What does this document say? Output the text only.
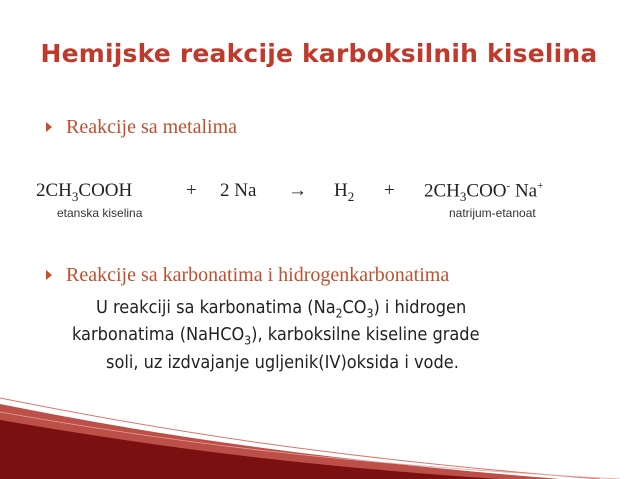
Hemijske reakcije karboksilnih kiselina
Reakcije sa metalima
$2CH_3COOH$	+ 2 $Na \to H_2 + 2CH_3COO^-$ Na+
etanska kiselina	natrijum-etanoat
Reakcije sa karbonatima i hidrogenkarbonatima
U reakciji sa karbonatima $(Na_2CO_3)$ i hidrogen
karbonatima (NaHCO$_3$), karboksilne kiseline grade
soli, uz izdvajanje ugljenik(IV)oksida i vode.
